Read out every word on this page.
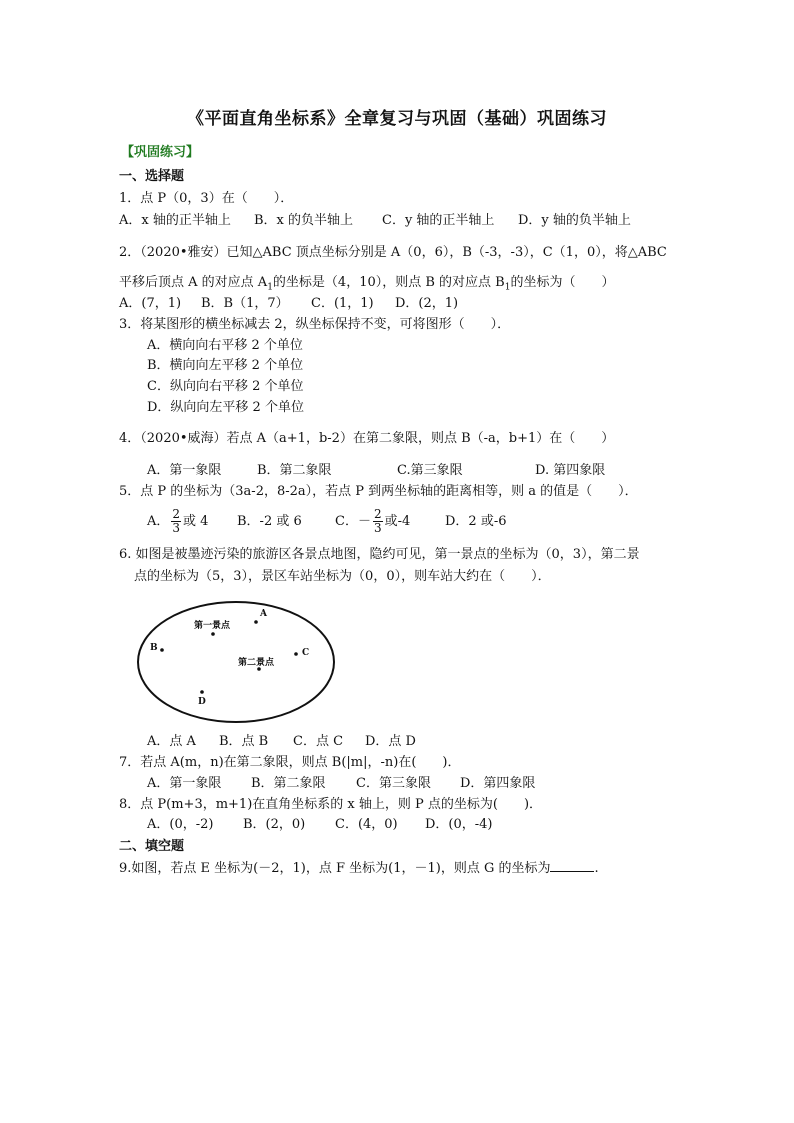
《平面直角坐标系》全章复习与巩固（基础）巩固练习
【巩固练习】
一、选择题
1．点 P（0，3）在（　　）．
A．x 轴的正半轴上 B．x 的负半轴上 C．y 轴的正半轴上 D．y 轴的负半轴上
2．（2020•雅安）已知△ABC 顶点坐标分别是 A（0，6），B（-3，-3），C（1，0），将△ABC
平移后顶点 A 的对应点 $A_1$的坐标是（4，10），则点 B 的对应点 $B_1$的坐标为（　　）
A．(7，1) B．B（1，7） C．(1，1) D．(2，1)
3．将某图形的横坐标减去 2，纵坐标保持不变，可将图形（　　）．
A．横向向右平移 2 个单位
B．横向向左平移 2 个单位
C．纵向向右平移 2 个单位
D．纵向向左平移 2 个单位
4．（2020•威海）若点 A（a+1，b-2）在第二象限，则点 B（-a，b+1）在（　　）
A．第一象限	B．第二象限	C.第三象限	D. 第四象限
5．点 P 的坐标为（3a-2，8-2a），若点 P 到两坐标轴的距离相等，则 a 的值是（　　）．
A． $\frac{2}{3}$ 或 4 B．-2 或 6	C．－ $\frac{2}{3}$ 或-4	D．2 或-6
6. 如图是被墨迹污染的旅游区各景点地图，隐约可见，第一景点的坐标为（0，3），第二景
点的坐标为（5，3），景区车站坐标为（0，0），则车站大约在（　　）．
第一景点
A
B	C
第二景点
D
A．点 A B．点 B C．点 C D．点 D
7．若点 A(m，n)在第二象限，则点 B(|m|，-n)在(　　)．
A．第一象限 B．第二象限 C．第三象限 D．第四象限
8．点 P(m+3，m+1)在直角坐标系的 x 轴上，则 P 点的坐标为(　　)．
A．(0，-2) B．(2，0) C．(4，0) D．(0，-4)
二、填空题
9.如图，若点 E 坐标为(－2，1)，点 F 坐标为(1，－1)，则点 G 的坐标为	.
